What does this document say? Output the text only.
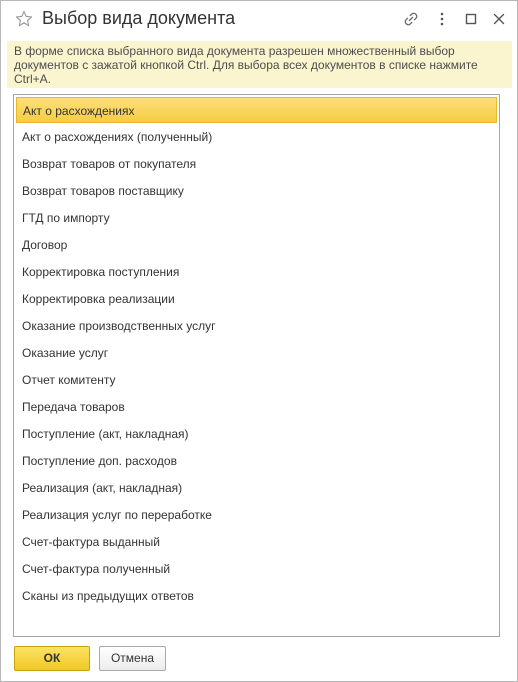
Выбор вида документа
В форме списка выбранного вида документа разрешен множественный выбор документов с зажатой кнопкой Ctrl. Для выбора всех документов в списке нажмите Ctrl+A.
Акт о расхождениях
Акт о расхождениях (полученный)
Возврат товаров от покупателя
Возврат товаров поставщику
ГТД по импорту
Договор
Корректировка поступления
Корректировка реализации
Оказание производственных услуг
Оказание услуг
Отчет комитенту
Передача товаров
Поступление (акт, накладная)
Поступление доп. расходов
Реализация (акт, накладная)
Реализация услуг по переработке
Счет-фактура выданный
Счет-фактура полученный
Сканы из предыдущих ответов
ОК	Отмена
